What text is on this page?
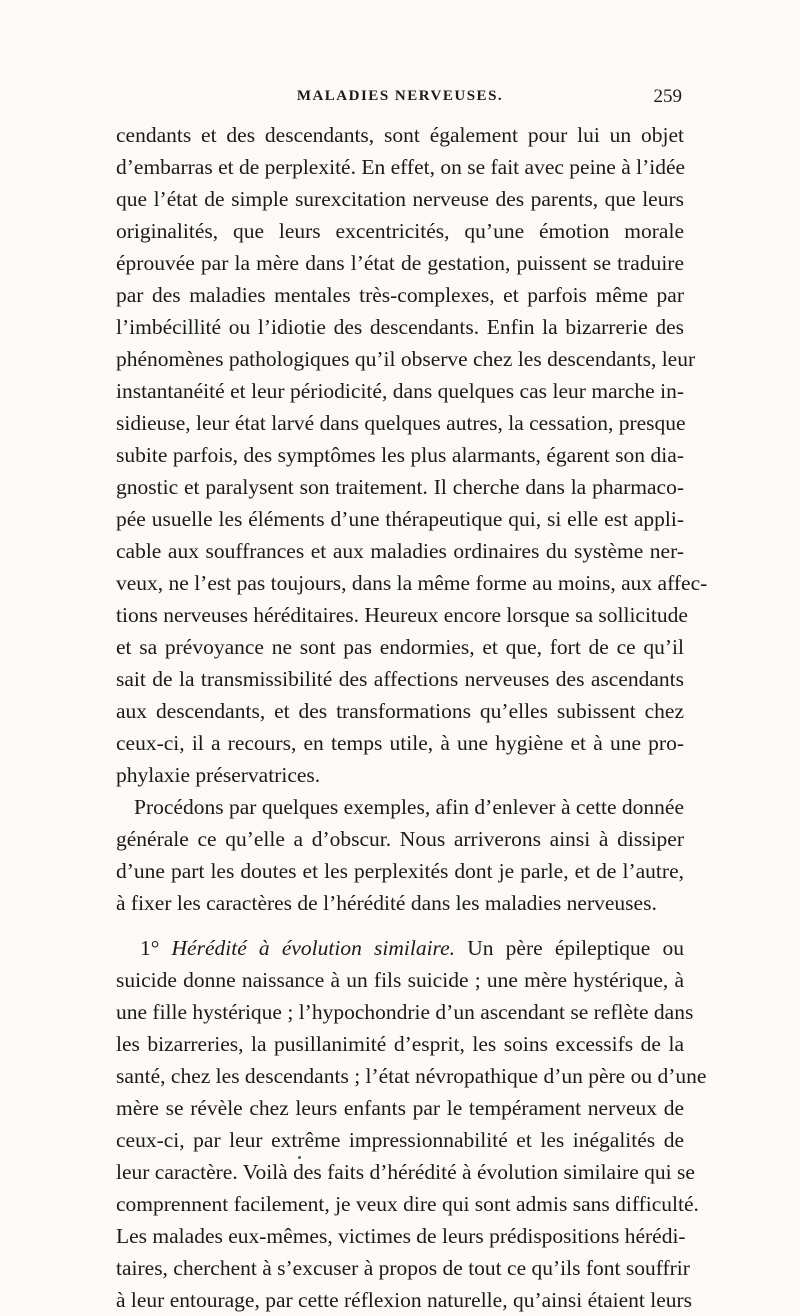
MALADIES NERVEUSES.	259
cendants et des descendants, sont également pour lui un objet
d’embarras et de perplexité. En effet, on se fait avec peine à l’idée
que l’état de simple surexcitation nerveuse des parents, que leurs
originalités, que leurs excentricités, qu’une émotion morale
éprouvée par la mère dans l’état de gestation, puissent se traduire
par des maladies mentales très-complexes, et parfois même par
l’imbécillité ou l’idiotie des descendants. Enfin la bizarrerie des
phénomènes pathologiques qu’il observe chez les descendants, leur
instantanéité et leur périodicité, dans quelques cas leur marche in-
sidieuse, leur état larvé dans quelques autres, la cessation, presque
subite parfois, des symptômes les plus alarmants, égarent son dia-
gnostic et paralysent son traitement. Il cherche dans la pharmaco-
pée usuelle les éléments d’une thérapeutique qui, si elle est appli-
cable aux souffrances et aux maladies ordinaires du système ner-
veux, ne l’est pas toujours, dans la même forme au moins, aux affec-
tions nerveuses héréditaires. Heureux encore lorsque sa sollicitude
et sa prévoyance ne sont pas endormies, et que, fort de ce qu’il
sait de la transmissibilité des affections nerveuses des ascendants
aux descendants, et des transformations qu’elles subissent chez
ceux-ci, il a recours, en temps utile, à une hygiène et à une pro-
phylaxie préservatrices.
Procédons par quelques exemples, afin d’enlever à cette donnée
générale ce qu’elle a d’obscur. Nous arriverons ainsi à dissiper
d’une part les doutes et les perplexités dont je parle, et de l’autre,
à fixer les caractères de l’hérédité dans les maladies nerveuses.
1° Hérédité à évolution similaire. Un père épileptique ou
suicide donne naissance à un fils suicide ; une mère hystérique, à
une fille hystérique ; l’hypochondrie d’un ascendant se reflète dans
les bizarreries, la pusillanimité d’esprit, les soins excessifs de la
santé, chez les descendants ; l’état névropathique d’un père ou d’une
mère se révèle chez leurs enfants par le tempérament nerveux de
ceux-ci, par leur extrême impressionnabilité et les inégalités de
leur caractère. Voilà des faits d’hérédité à évolution similaire qui se
comprennent facilement, je veux dire qui sont admis sans difficulté.
Les malades eux-mêmes, victimes de leurs prédispositions hérédi-
taires, cherchent à s’excuser à propos de tout ce qu’ils font souffrir
à leur entourage, par cette réflexion naturelle, qu’ainsi étaient leurs
